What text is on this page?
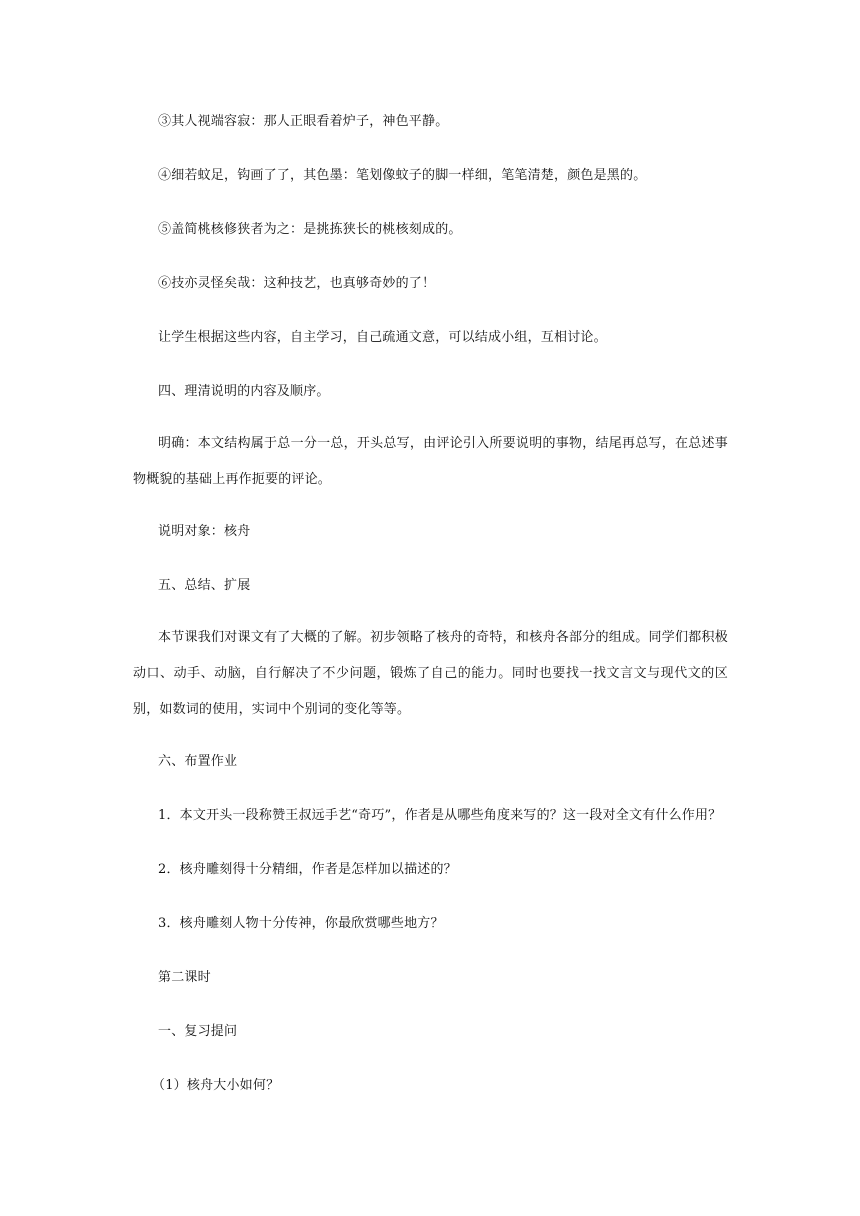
③其人视端容寂：那人正眼看着炉子，神色平静。
④细若蚊足，钩画了了，其色墨：笔划像蚊子的脚一样细，笔笔清楚，颜色是黑的。
⑤盖简桃核修狭者为之：是挑拣狭长的桃核刻成的。
⑥技亦灵怪矣哉：这种技艺，也真够奇妙的了！
让学生根据这些内容，自主学习，自己疏通文意，可以结成小组，互相讨论。
四、理清说明的内容及顺序。
明确：本文结构属于总一分一总，开头总写，由评论引入所要说明的事物，结尾再总写，在总述事物概貌的基础上再作扼要的评论。
说明对象：核舟
五、总结、扩展
本节课我们对课文有了大概的了解。初步领略了核舟的奇特，和核舟各部分的组成。同学们都积极动口、动手、动脑，自行解决了不少问题，锻炼了自己的能力。同时也要找一找文言文与现代文的区别，如数词的使用，实词中个别词的变化等等。
六、布置作业
1．本文开头一段称赞王叔远手艺“奇巧”，作者是从哪些角度来写的？这一段对全文有什么作用？
2．核舟雕刻得十分精细，作者是怎样加以描述的？
3．核舟雕刻人物十分传神，你最欣赏哪些地方？
第二课时
一、复习提问
（1）核舟大小如何？
